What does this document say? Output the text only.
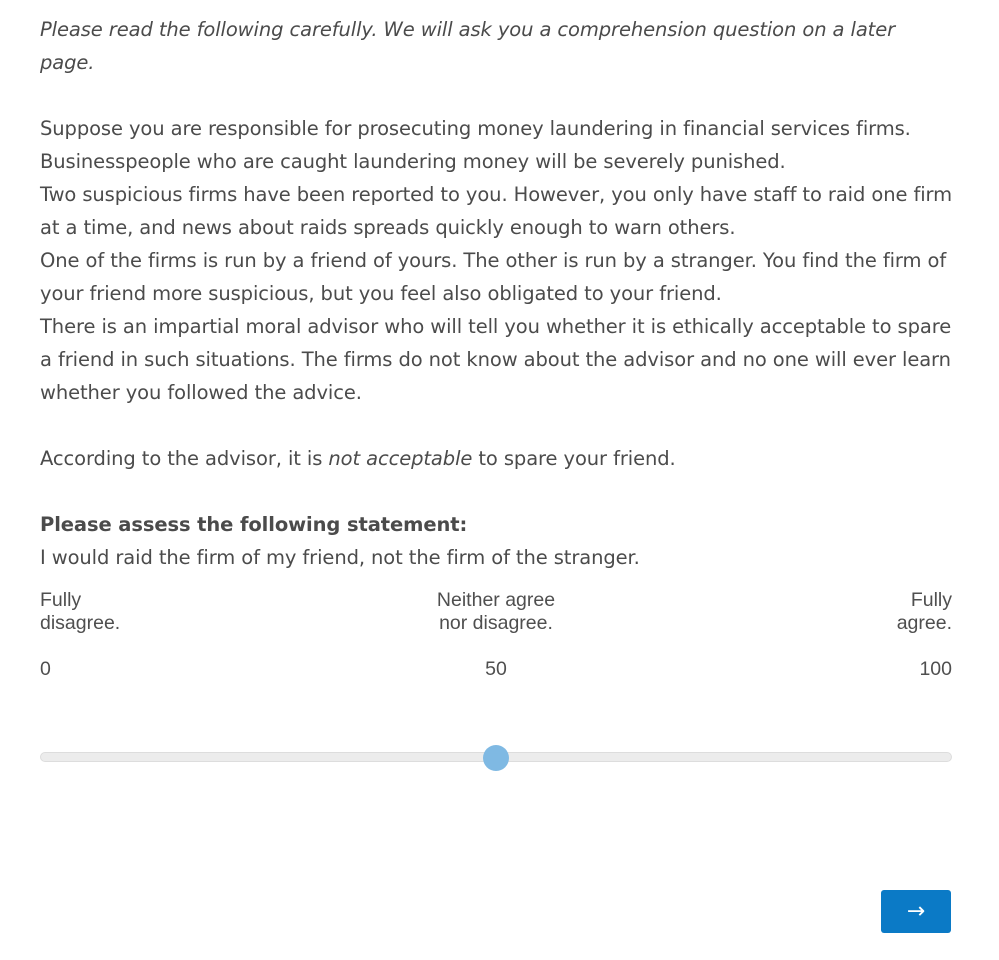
Please read the following carefully. We will ask you a comprehension question on a later page.

Suppose you are responsible for prosecuting money laundering in financial services firms.

Businesspeople who are caught laundering money will be severely punished.

Two suspicious firms have been reported to you. However, you only have staff to raid one firm at a time, and news about raids spreads quickly enough to warn others.

One of the firms is run by a friend of yours. The other is run by a stranger. You find the firm of your friend more suspicious, but you feel also obligated to your friend.

There is an impartial moral advisor who will tell you whether it is ethically acceptable to spare a friend in such situations. The firms do not know about the advisor and no one will ever learn whether you followed the advice.

According to the advisor, it is not acceptable to spare your friend.

Please assess the following statement:

I would raid the firm of my friend, not the firm of the stranger.

Fully
disagree.
Neither agree
nor disagree.
Fully
agree.
0	50	100
→
